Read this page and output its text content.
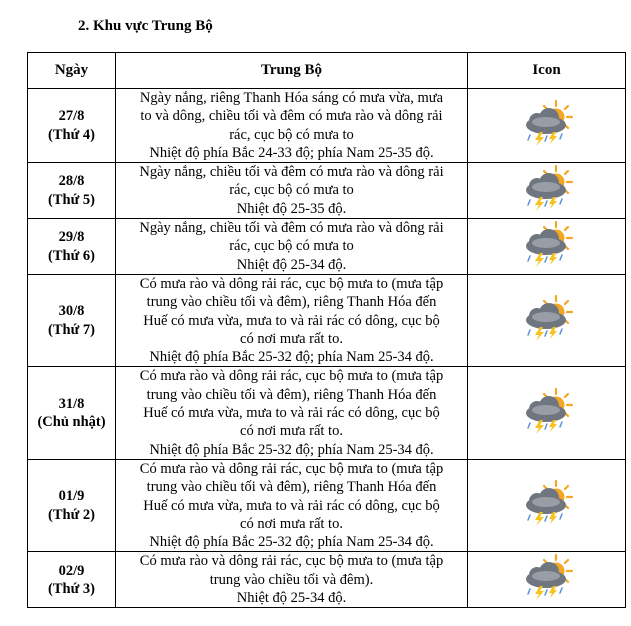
2. Khu vực Trung Bộ
Ngày	Trung Bộ	Icon

27/8
(Thứ 4)	Ngày nắng, riêng Thanh Hóa sáng có mưa vừa, mưa
to và dông, chiều tối và đêm có mưa rào và dông rải
rác, cục bộ có mưa to
Nhiệt độ phía Bắc 24-33 độ; phía Nam 25-35 độ.

28/8
(Thứ 5)	Ngày nắng, chiều tối và đêm có mưa rào và dông rải
rác, cục bộ có mưa to
Nhiệt độ 25-35 độ.

29/8
(Thứ 6)	Ngày nắng, chiều tối và đêm có mưa rào và dông rải
rác, cục bộ có mưa to
Nhiệt độ 25-34 độ.

30/8
(Thứ 7)	Có mưa rào và dông rải rác, cục bộ mưa to (mưa tập
trung vào chiều tối và đêm), riêng Thanh Hóa đến
Huế có mưa vừa, mưa to và rải rác có dông, cục bộ
có nơi mưa rất to.
Nhiệt độ phía Bắc 25-32 độ; phía Nam 25-34 độ.

31/8
(Chủ nhật)	Có mưa rào và dông rải rác, cục bộ mưa to (mưa tập
trung vào chiều tối và đêm), riêng Thanh Hóa đến
Huế có mưa vừa, mưa to và rải rác có dông, cục bộ
có nơi mưa rất to.
Nhiệt độ phía Bắc 25-32 độ; phía Nam 25-34 độ.

01/9
(Thứ 2)	Có mưa rào và dông rải rác, cục bộ mưa to (mưa tập
trung vào chiều tối và đêm), riêng Thanh Hóa đến
Huế có mưa vừa, mưa to và rải rác có dông, cục bộ
có nơi mưa rất to.
Nhiệt độ phía Bắc 25-32 độ; phía Nam 25-34 độ.

02/9
(Thứ 3)	Có mưa rào và dông rải rác, cục bộ mưa to (mưa tập
trung vào chiều tối và đêm).
Nhiệt độ 25-34 độ.
